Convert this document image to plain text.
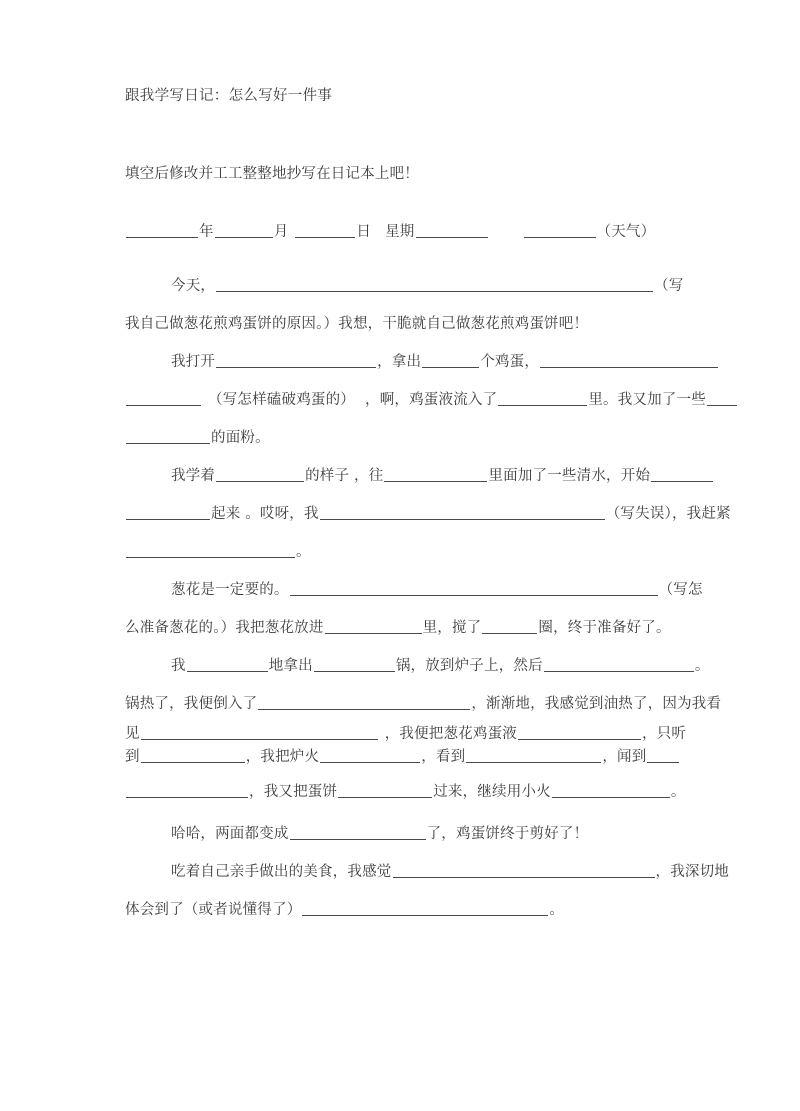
跟我学写日记：怎么写好一件事
填空后修改并工工整整地抄写在日记本上吧！
年	月	日 星期	（天气）
今天，	（写
我自己做葱花煎鸡蛋饼的原因。）我想，干脆就自己做葱花煎鸡蛋饼吧！
我打开	，拿出	个鸡蛋，
（写怎样磕破鸡蛋的） ，啊，鸡蛋液流入了	里。我又加了一些
的面粉。
我学着	的样子 ，往	里面加了一些清水，开始
起来 。哎呀，我	（写失误），我赶紧
。
葱花是一定要的。	（写怎
么准备葱花的。）我把葱花放进	里，搅了	圈，终于准备好了。
我	地拿出	锅，放到炉子上，然后	。
锅热了，我便倒入了	，渐渐地，我感觉到油热了，因为我看
见	，我便把葱花鸡蛋液	，只听
到	，我把炉火	，看到	，闻到
，我又把蛋饼	过来，继续用小火	。
哈哈，两面都变成	了，鸡蛋饼终于剪好了！
吃着自己亲手做出的美食，我感觉	，我深切地
体会到了（或者说懂得了）	。
